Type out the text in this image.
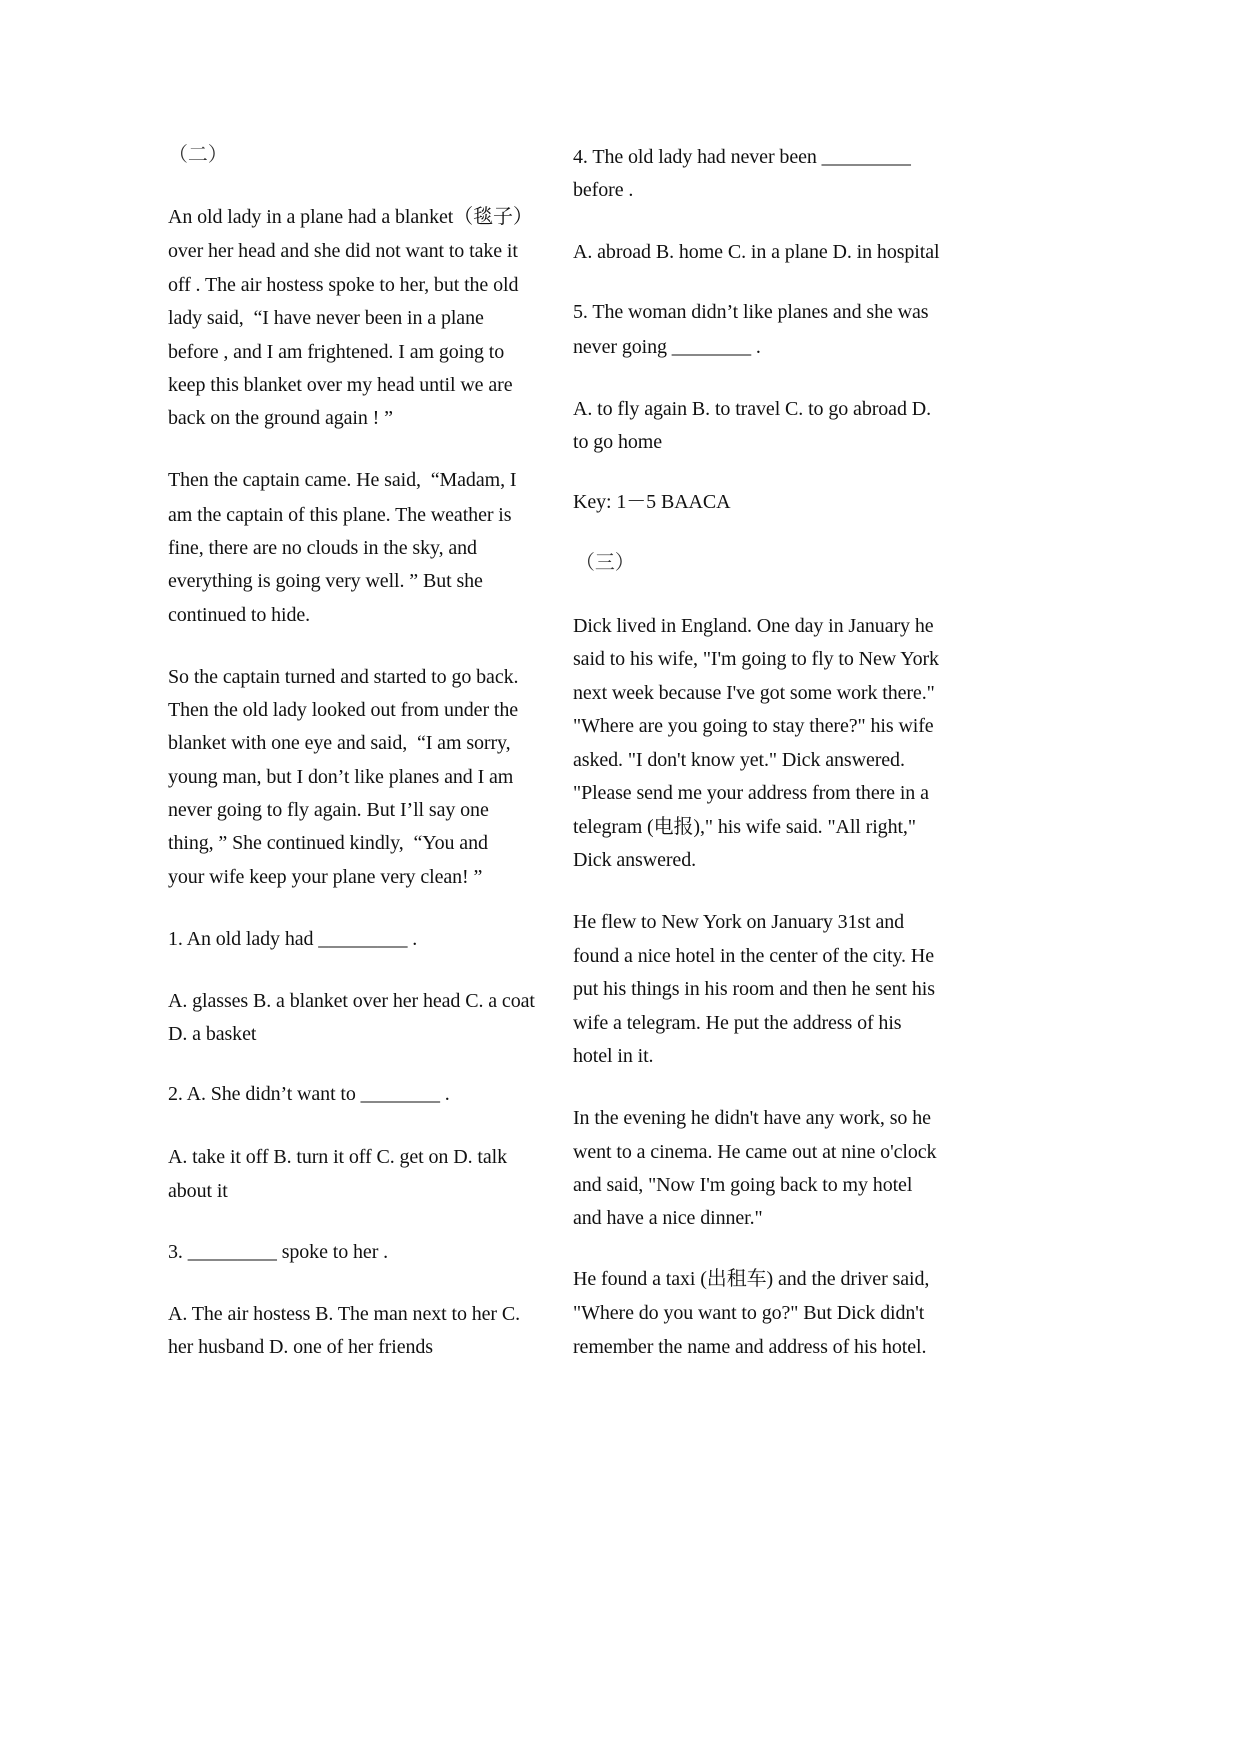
（二）
An old lady in a plane had a blanket（毯子）
over her head and she did not want to take it
off . The air hostess spoke to her, but the old
lady said,  “I have never been in a plane
before , and I am frightened. I am going to
keep this blanket over my head until we are
back on the ground again ! ”
Then the captain came. He said,  “Madam, I
am the captain of this plane. The weather is
fine, there are no clouds in the sky, and
everything is going very well. ” But she
continued to hide.
So the captain turned and started to go back.
Then the old lady looked out from under the
blanket with one eye and said,  “I am sorry,
young man, but I don’t like planes and I am
never going to fly again. But I’ll say one
thing, ” She continued kindly,  “You and
your wife keep your plane very clean! ”
1. An old lady had _________ .
A. glasses B. a blanket over her head C. a coat
D. a basket
2. A. She didn’t want to ________ .
A. take it off B. turn it off C. get on D. talk
about it
3. _________ spoke to her .
A. The air hostess B. The man next to her C.
her husband D. one of her friends
4. The old lady had never been _________
before .
A. abroad B. home C. in a plane D. in hospital
5. The woman didn’t like planes and she was
never going ________ .
A. to fly again B. to travel C. to go abroad D.
to go home
Key: 1－5 BAACA
（三）
Dick lived in England. One day in January he
said to his wife, "I'm going to fly to New York
next week because I've got some work there."
"Where are you going to stay there?" his wife
asked. "I don't know yet." Dick answered.
"Please send me your address from there in a
telegram (电报)," his wife said. "All right,"
Dick answered.
He flew to New York on January 31st and
found a nice hotel in the center of the city. He
put his things in his room and then he sent his
wife a telegram. He put the address of his
hotel in it.
In the evening he didn't have any work, so he
went to a cinema. He came out at nine o'clock
and said, "Now I'm going back to my hotel
and have a nice dinner."
He found a taxi (出租车) and the driver said,
"Where do you want to go?" But Dick didn't
remember the name and address of his hotel.
